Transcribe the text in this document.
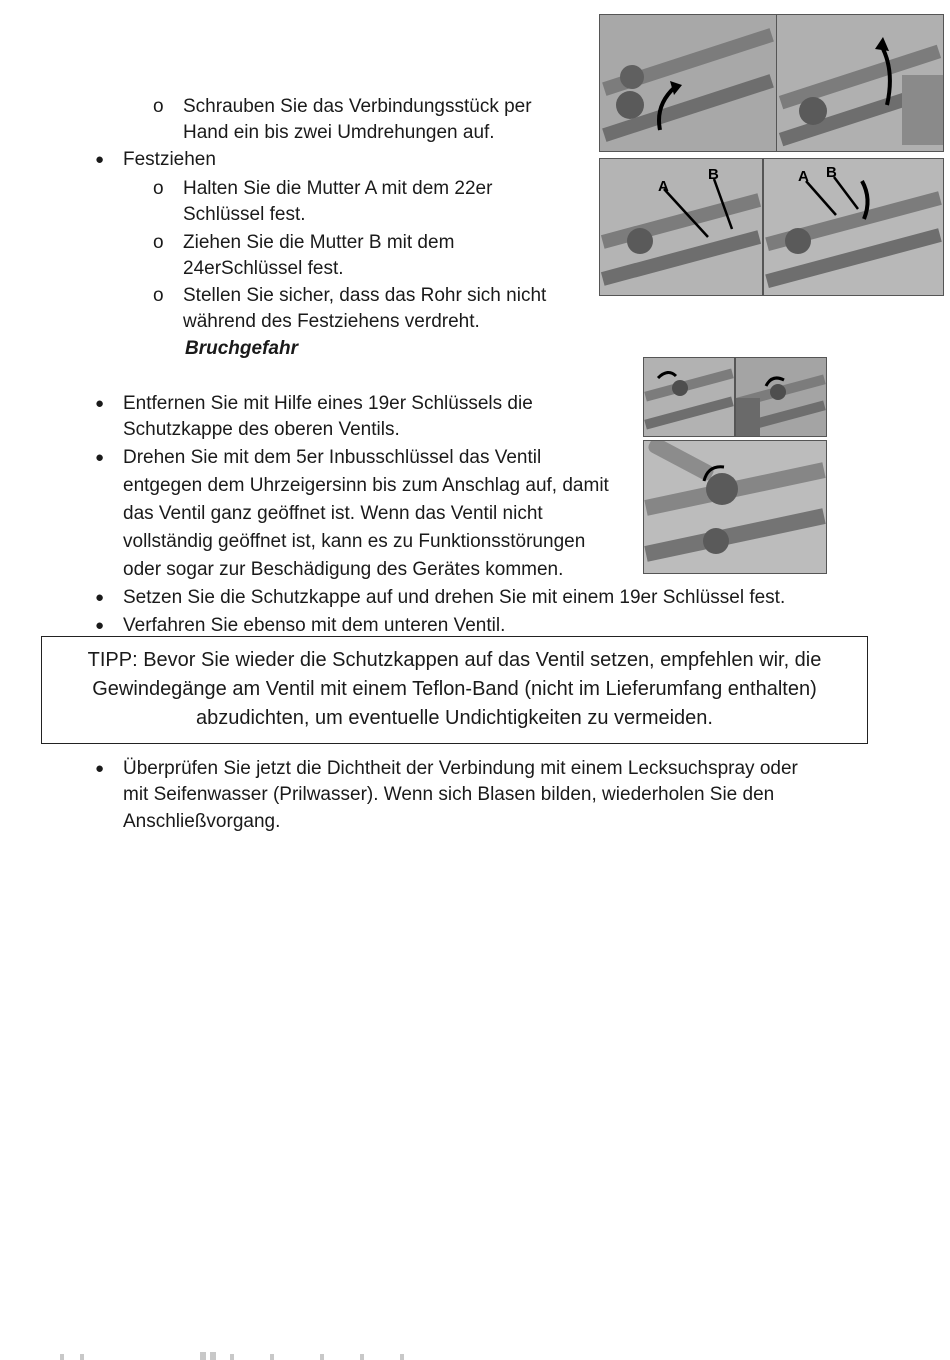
o Schrauben Sie das Verbindungsstück per
Hand ein bis zwei Umdrehungen auf.
● Festziehen
o Halten Sie die Mutter A mit dem 22er
Schlüssel fest.
o Ziehen Sie die Mutter B mit dem
24erSchlüssel fest.
o Stellen Sie sicher, dass das Rohr sich nicht
während des Festziehens verdreht.
Bruchgefahr
A
B	A B
● Entfernen Sie mit Hilfe eines 19er Schlüssels die
Schutzkappe des oberen Ventils.
● Drehen Sie mit dem 5er Inbusschlüssel das Ventil
entgegen dem Uhrzeigersinn bis zum Anschlag auf, damit
das Ventil ganz geöffnet ist. Wenn das Ventil nicht
vollständig geöffnet ist, kann es zu Funktionsstörungen
oder sogar zur Beschädigung des Gerätes kommen.
● Setzen Sie die Schutzkappe auf und drehen Sie mit einem 19er Schlüssel fest.
● Verfahren Sie ebenso mit dem unteren Ventil.
TIPP: Bevor Sie wieder die Schutzkappen auf das Ventil setzen, empfehlen wir, die
Gewindegänge am Ventil mit einem Teflon-Band (nicht im Lieferumfang enthalten)
abzudichten, um eventuelle Undichtigkeiten zu vermeiden.
● Überprüfen Sie jetzt die Dichtheit der Verbindung mit einem Lecksuchspray oder
mit Seifenwasser (Prilwasser). Wenn sich Blasen bilden, wiederholen Sie den
Anschließvorgang.
